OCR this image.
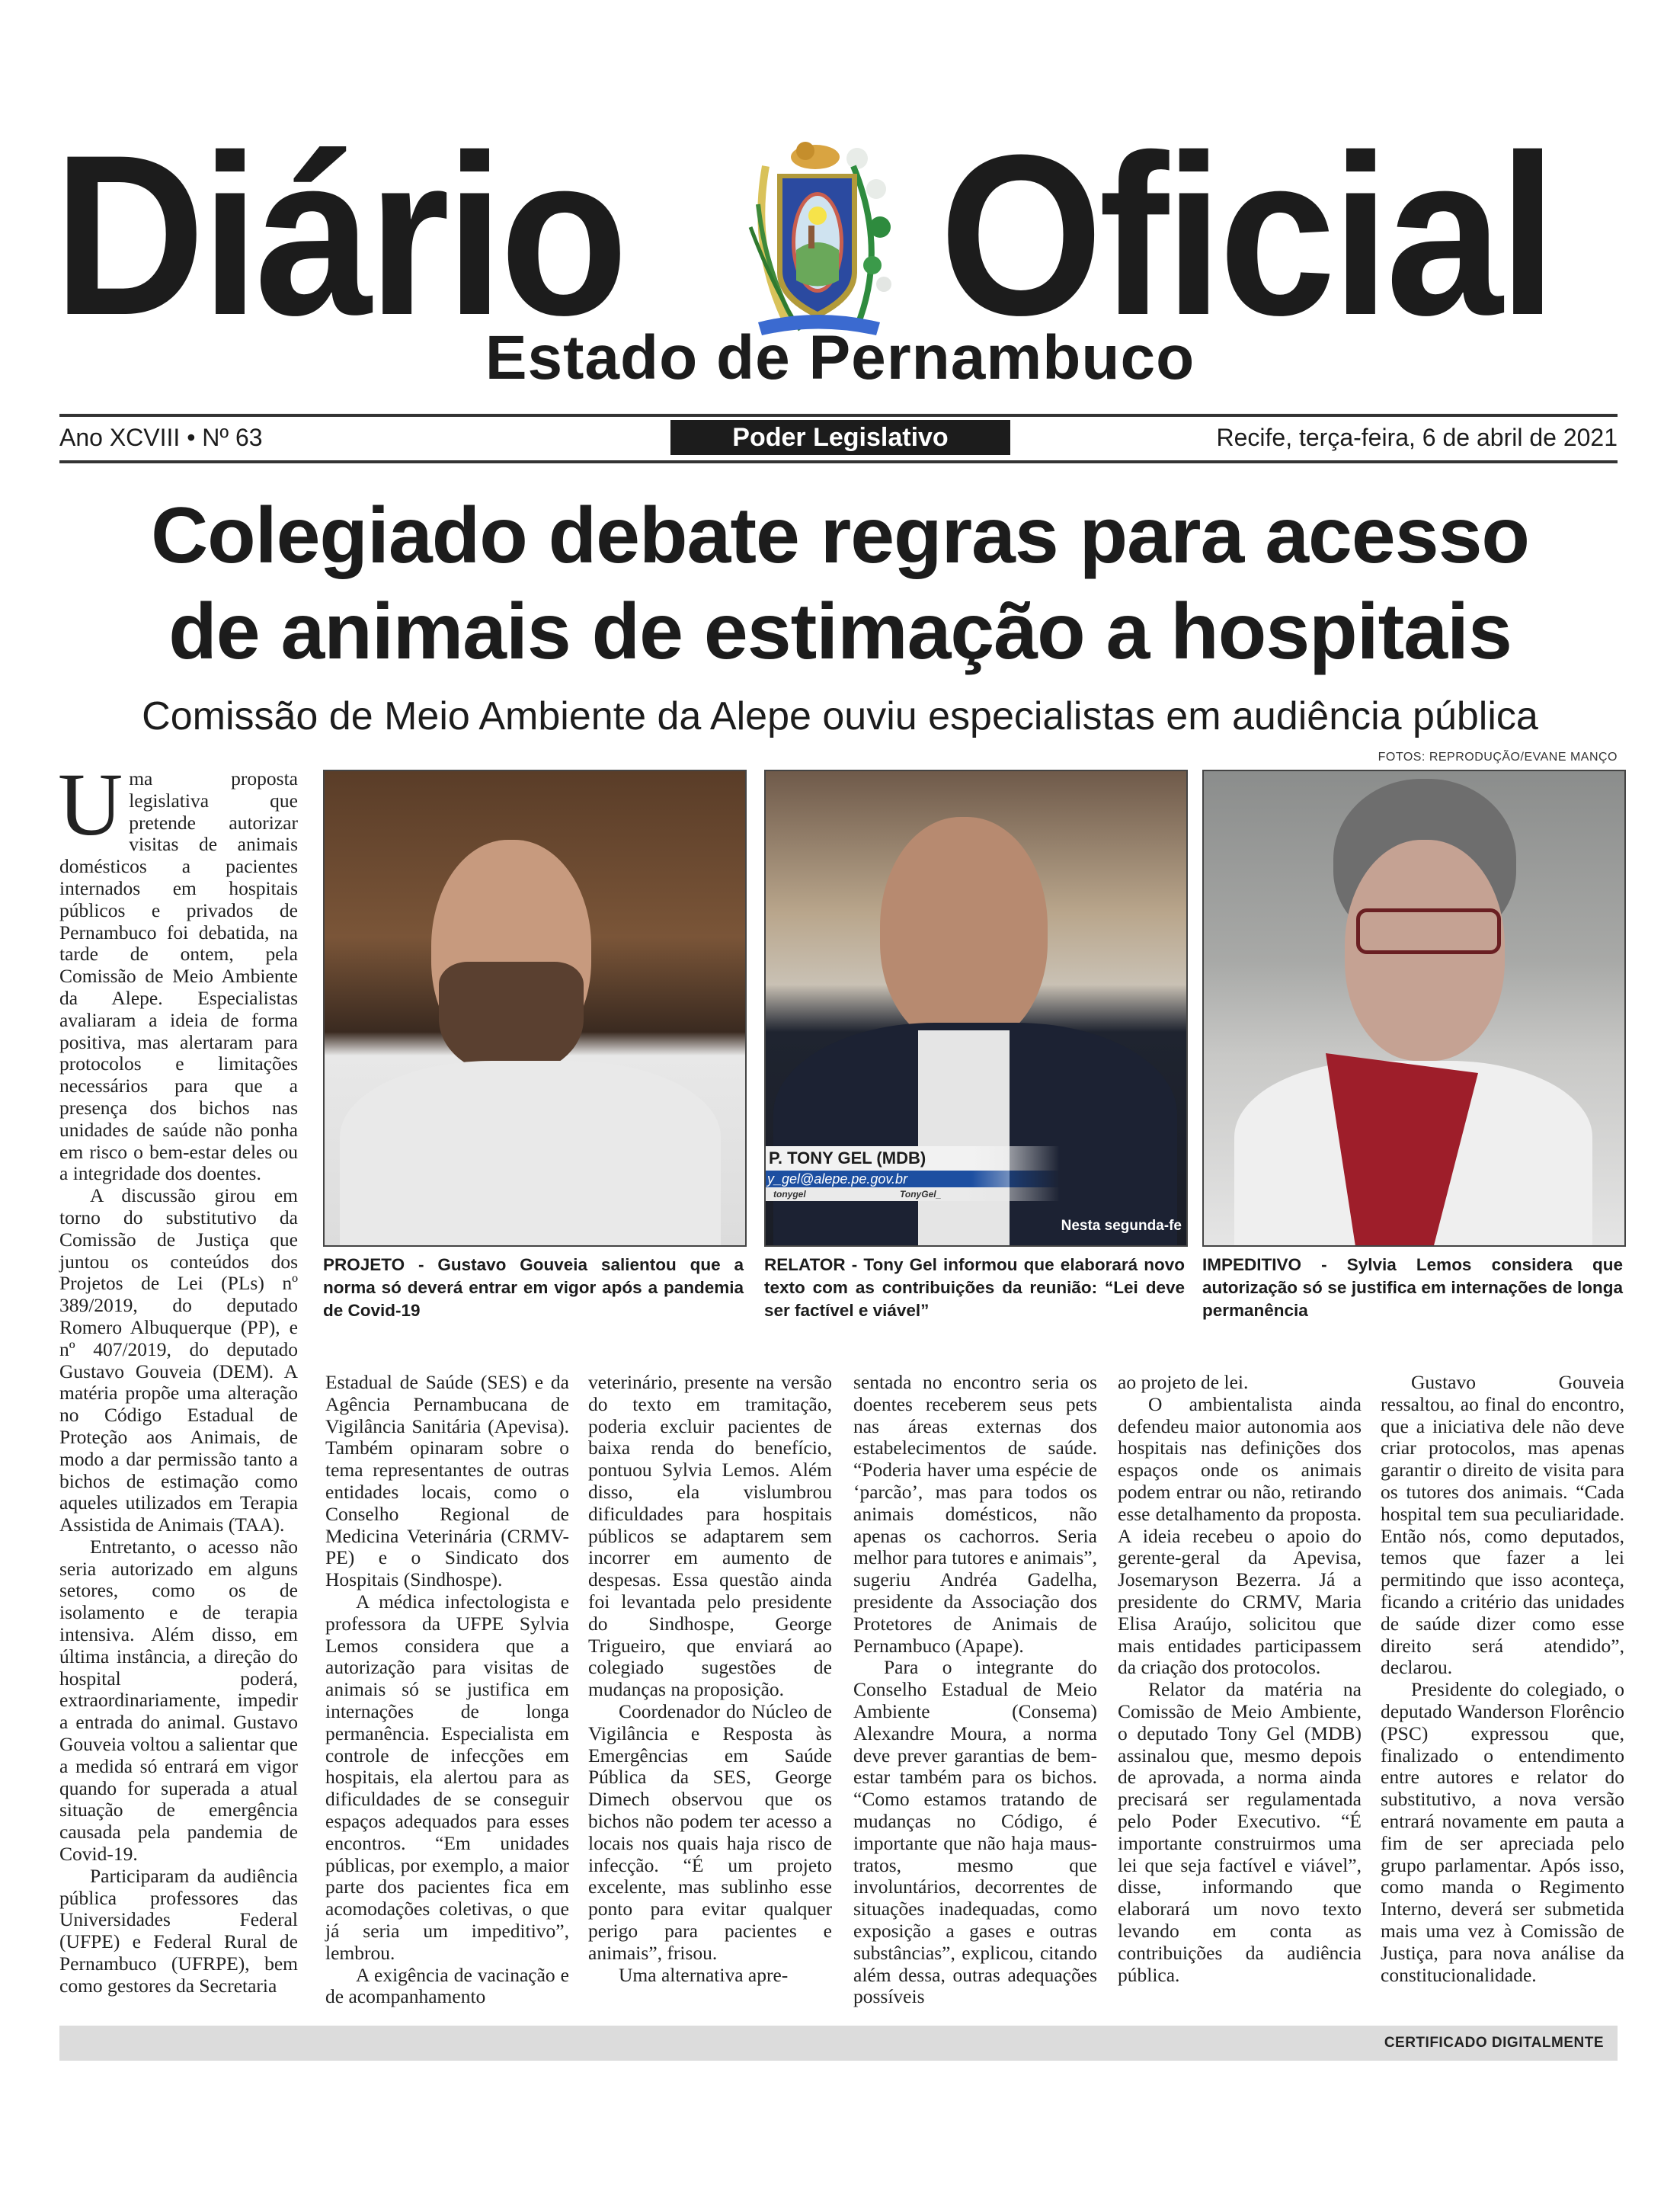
Diário Oficial
Estado de Pernambuco
Ano XCVIII • Nº 63	Poder Legislativo	Recife, terça-feira, 6 de abril de 2021
Colegiado debate regras para acesso
de animais de estimação a hospitais
Comissão de Meio Ambiente da Alepe ouviu especialistas em audiência pública
FOTOS: REPRODUÇÃO/EVANE MANÇO

Uma proposta legislativa que pretende autorizar visitas de animais domésticos a pacientes internados em hospitais públicos e privados de Pernambuco foi debatida, na tarde de ontem, pela Comissão de Meio Ambiente da Alepe. Especialistas avaliaram a ideia de forma positiva, mas alertaram para protocolos e limitações necessários para que a presença dos bichos nas unidades de saúde não ponha em risco o bem-estar deles ou a integridade dos doentes.

A discussão girou em torno do substitutivo da Comissão de Justiça que juntou os conteúdos dos Projetos de Lei (PLs) nº 389/2019, do deputado Romero Albuquerque (PP), e nº 407/2019, do deputado Gustavo Gouveia (DEM). A matéria propõe uma alteração no Código Estadual de Proteção aos Animais, de modo a dar permissão tanto a bichos de estimação como aqueles utilizados em Terapia Assistida de Animais (TAA).

Entretanto, o acesso não seria autorizado em alguns setores, como os de isolamento e de terapia intensiva. Além disso, em última instância, a direção do hospital poderá, extraordinariamente, impedir a entrada do animal. Gustavo Gouveia voltou a salientar que a medida só entrará em vigor quando for superada a atual situação de emergência causada pela pandemia de Covid-19.

Participaram da audiência pública professores das Universidades Federal (UFPE) e Federal Rural de Pernambuco (UFRPE), bem como gestores da Secretaria

P. TONY GEL (MDB)
y_gel@alepe.pe.gov.br
tonygel	TonyGel_
Nesta segunda-fe
PROJETO - Gustavo Gouveia salientou que a norma só deverá entrar em vigor após a pandemia de Covid-19
RELATOR - Tony Gel informou que elaborará novo texto com as contribuições da reunião: “Lei deve ser factível e viável”
IMPEDITIVO - Sylvia Lemos considera que autorização só se justifica em internações de longa permanência

Estadual de Saúde (SES) e da Agência Pernambucana de Vigilância Sanitária (Apevisa). Também opinaram sobre o tema representantes de outras entidades locais, como o Conselho Regional de Medicina Veterinária (CRMV-PE) e o Sindicato dos Hospitais (Sindhospe).

A médica infectologista e professora da UFPE Sylvia Lemos considera que a autorização para visitas de animais só se justifica em internações de longa permanência. Especialista em controle de infecções em hospitais, ela alertou para as dificuldades de se conseguir espaços adequados para esses encontros. “Em unidades públicas, por exemplo, a maior parte dos pacientes fica em acomodações coletivas, o que já seria um impeditivo”, lembrou.

A exigência de vacinação e de acompanhamento

veterinário, presente na versão do texto em tramitação, poderia excluir pacientes de baixa renda do benefício, pontuou Sylvia Lemos. Além disso, ela vislumbrou dificuldades para hospitais públicos se adaptarem sem incorrer em aumento de despesas. Essa questão ainda foi levantada pelo presidente do Sindhospe, George Trigueiro, que enviará ao colegiado sugestões de mudanças na proposição.

Coordenador do Núcleo de Vigilância e Resposta às Emergências em Saúde Pública da SES, George Dimech observou que os bichos não podem ter acesso a locais nos quais haja risco de infecção. “É um projeto excelente, mas sublinho esse ponto para evitar qualquer perigo para pacientes e animais”, frisou.

Uma alternativa apre-

sentada no encontro seria os doentes receberem seus pets nas áreas externas dos estabelecimentos de saúde. “Poderia haver uma espécie de ‘parcão’, mas para todos os animais domésticos, não apenas os cachorros. Seria melhor para tutores e animais”, sugeriu Andréa Gadelha, presidente da Associação dos Protetores de Animais de Pernambuco (Apape).

Para o integrante do Conselho Estadual de Meio Ambiente (Consema) Alexandre Moura, a norma deve prever garantias de bem-estar também para os bichos. “Como estamos tratando de mudanças no Código, é importante que não haja maus-tratos, mesmo que involuntários, decorrentes de situações inadequadas, como exposição a gases e outras substâncias”, explicou, citando além dessa, outras adequações possíveis

ao projeto de lei.

O ambientalista ainda defendeu maior autonomia aos hospitais nas definições dos espaços onde os animais podem entrar ou não, retirando esse detalhamento da proposta. A ideia recebeu o apoio do gerente-geral da Apevisa, Josemaryson Bezerra. Já a presidente do CRMV, Maria Elisa Araújo, solicitou que mais entidades participassem da criação dos protocolos.

Relator da matéria na Comissão de Meio Ambiente, o deputado Tony Gel (MDB) assinalou que, mesmo depois de aprovada, a norma ainda precisará ser regulamentada pelo Poder Executivo. “É importante construirmos uma lei que seja factível e viável”, disse, informando que elaborará um novo texto levando em conta as contribuições da audiência pública.

Gustavo Gouveia ressaltou, ao final do encontro, que a iniciativa dele não deve criar protocolos, mas apenas garantir o direito de visita para os tutores dos animais. “Cada hospital tem sua peculiaridade. Então nós, como deputados, temos que fazer a lei permitindo que isso aconteça, ficando a critério das unidades de saúde dizer como esse direito será atendido”, declarou.

Presidente do colegiado, o deputado Wanderson Florêncio (PSC) expressou que, finalizado o entendimento entre autores e relator do substitutivo, a nova versão entrará novamente em pauta a fim de ser apreciada pelo grupo parlamentar. Após isso, como manda o Regimento Interno, deverá ser submetida mais uma vez à Comissão de Justiça, para nova análise da constitucionalidade.

CERTIFICADO DIGITALMENTE
